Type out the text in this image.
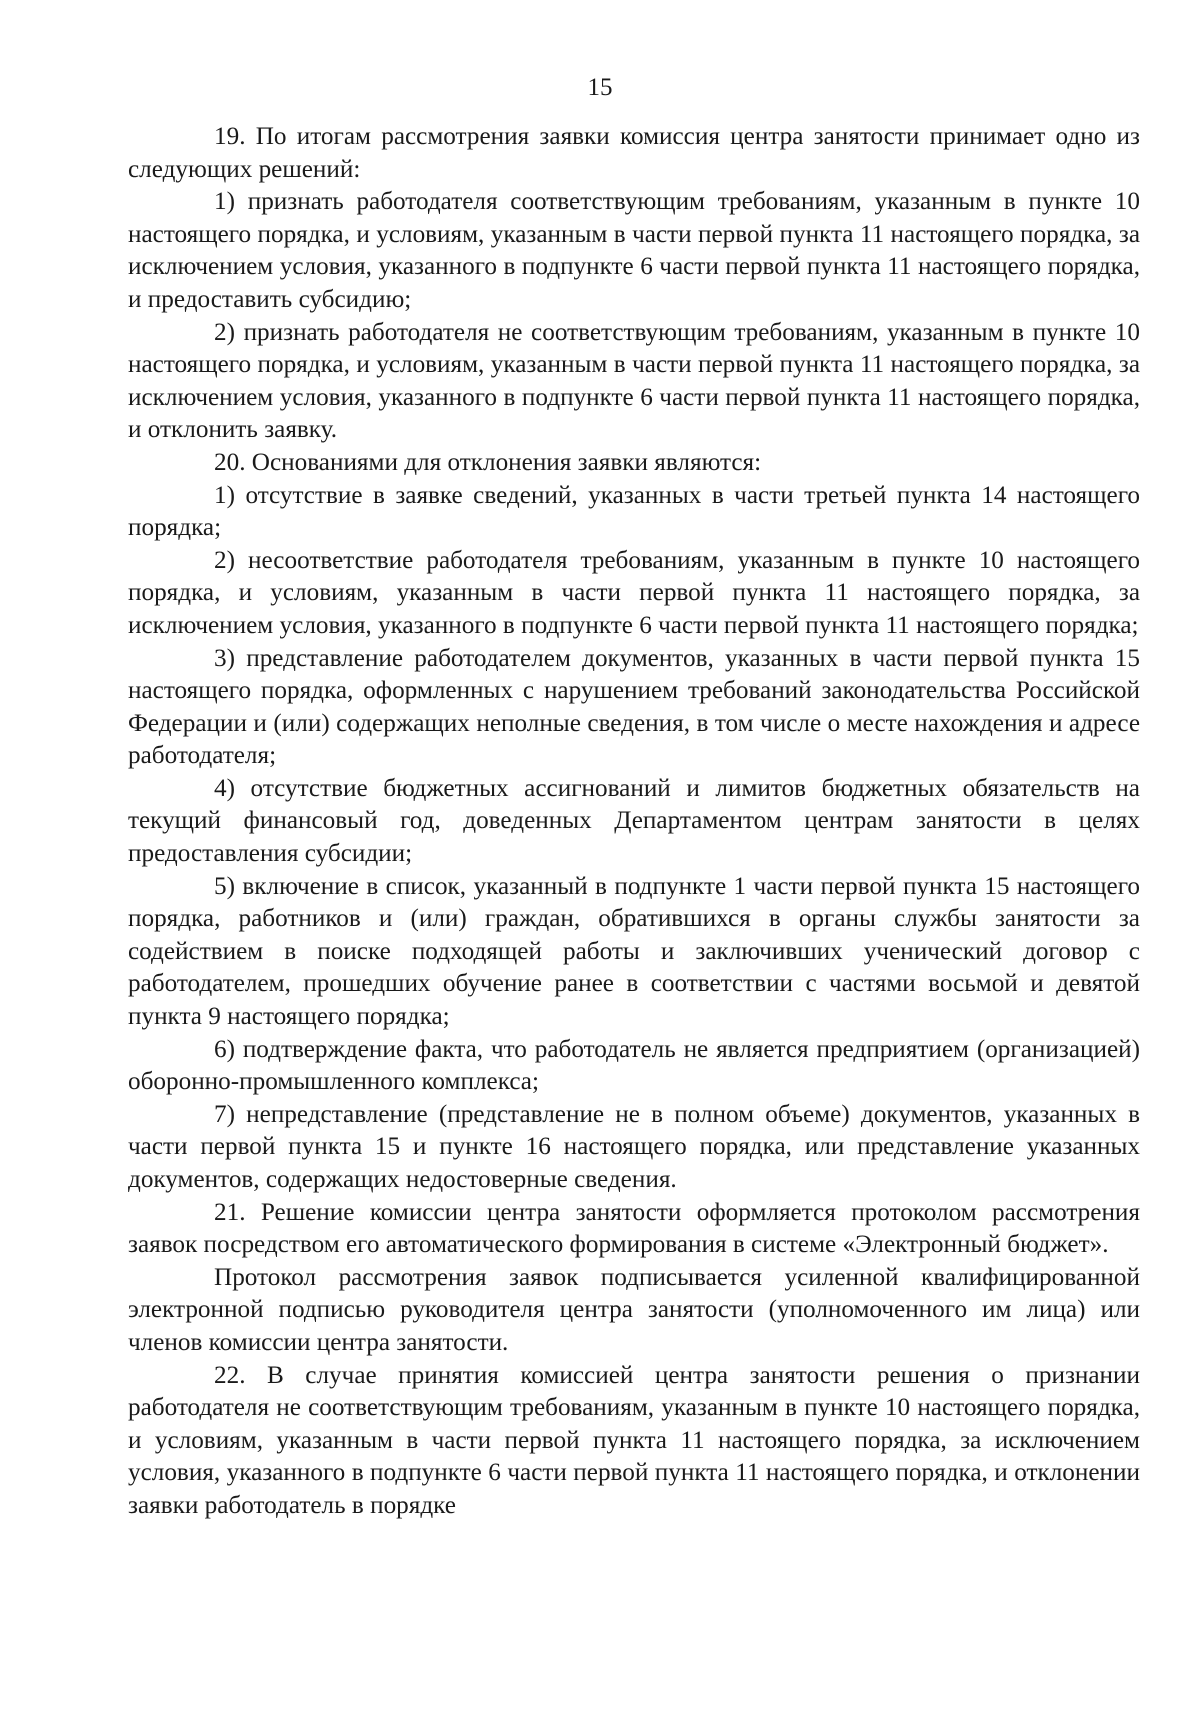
15

19. По итогам рассмотрения заявки комиссия центра занятости принимает одно из следующих решений:

1) признать работодателя соответствующим требованиям, указанным в пункте 10 настоящего порядка, и условиям, указанным в части первой пункта 11 настоящего порядка, за исключением условия, указанного в подпункте 6 части первой пункта 11 настоящего порядка, и предоставить субсидию;

2) признать работодателя не соответствующим требованиям, указанным в пункте 10 настоящего порядка, и условиям, указанным в части первой пункта 11 настоящего порядка, за исключением условия, указанного в подпункте 6 части первой пункта 11 настоящего порядка, и отклонить заявку.

20. Основаниями для отклонения заявки являются:

1) отсутствие в заявке сведений, указанных в части третьей пункта 14 настоящего порядка;

2) несоответствие работодателя требованиям, указанным в пункте 10 настоящего порядка, и условиям, указанным в части первой пункта 11 настоящего порядка, за исключением условия, указанного в подпункте 6 части первой пункта 11 настоящего порядка;

3) представление работодателем документов, указанных в части первой пункта 15 настоящего порядка, оформленных с нарушением требований законодательства Российской Федерации и (или) содержащих неполные сведения, в том числе о месте нахождения и адресе работодателя;

4) отсутствие бюджетных ассигнований и лимитов бюджетных обязательств на текущий финансовый год, доведенных Департаментом центрам занятости в целях предоставления субсидии;

5) включение в список, указанный в подпункте 1 части первой пункта 15 настоящего порядка, работников и (или) граждан, обратившихся в органы службы занятости за содействием в поиске подходящей работы и заключивших ученический договор с работодателем, прошедших обучение ранее в соответствии с частями восьмой и девятой пункта 9 настоящего порядка;

6) подтверждение факта, что работодатель не является предприятием (организацией) оборонно-промышленного комплекса;

7) непредставление (представление не в полном объеме) документов, указанных в части первой пункта 15 и пункте 16 настоящего порядка, или представление указанных документов, содержащих недостоверные сведения.

21. Решение комиссии центра занятости оформляется протоколом рассмотрения заявок посредством его автоматического формирования в системе «Электронный бюджет».

Протокол рассмотрения заявок подписывается усиленной квалифицированной электронной подписью руководителя центра занятости (уполномоченного им лица) или членов комиссии центра занятости.

22. В случае принятия комиссией центра занятости решения о признании работодателя не соответствующим требованиям, указанным в пункте 10 настоящего порядка, и условиям, указанным в части первой пункта 11 настоящего порядка, за исключением условия, указанного в подпункте 6 части первой пункта 11 настоящего порядка, и отклонении заявки работодатель в порядке
